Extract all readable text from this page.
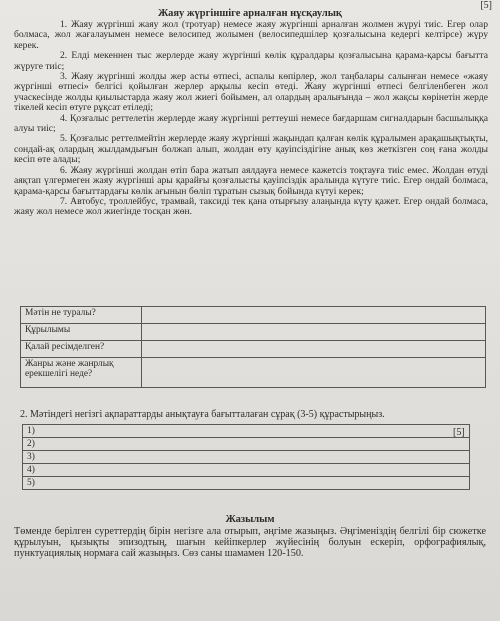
[5]
Жаяу жүргіншіге арналған нұсқаулық

1. Жаяу жүргінші жаяу жол (тротуар) немесе жаяу жүргінші арналған жолмен жүруі тиіс. Егер олар болмаса, жол жағалауымен немесе велосипед жолымен (велосипедшілер қозғалысына кедергі келтірсе) жүру керек.

2. Елді мекеннен тыс жерлерде жаяу жүргінші көлік құралдары қозғалысына қарама-қарсы бағытта жүруге тиіс;

3. Жаяу жүргінші жолды жер асты өтпесі, аспалы көпірлер, жол таңбалары салынған немесе «жаяу жүргінші өтпесі» белгісі қойылған жерлер арқылы кесіп өтеді. Жаяу жүргінші өтпесі белгіленбеген жол учаскесінде жолды қиылыстарда жаяу жол жиегі бойымен, ал олардың аралығында – жол жақсы көрінетін жерде тікелей кесіп өтуге рұқсат етіледі;

4. Қозғалыс реттелетін жерлерде жаяу жүргінші реттеуші немесе бағдаршам сигналдарын басшылыққа алуы тиіс;

5. Қозғалыс реттелмейтін жерлерде жаяу жүргінші жақындап қалған көлік құралымен арақашықтықты, сондай-ақ олардың жылдамдығын болжап алып, жолдан өту қауіпсіздігіне анық көз жеткізген соң ғана жолды кесіп өте алады;

6. Жаяу жүргінші жолдан өтіп бара жатып аялдауға немесе кажетсіз тоқтауға тиіс емес. Жолдан өтуді аяқтап үлгермеген жаяу жүргінші ары қарайғы қозғалысты қауіпсіздік аралында күтуге тиіс. Егер ондай болмаса, қарама-қарсы бағыттардағы көлік ағынын бөліп тұратын сызық бойында күтуі керек;

7. Автобус, троллейбус, трамвай, таксиді тек қана отырғызу алаңында күту қажет. Егер ондай болмаса, жаяу жол немесе жол жиегінде тосқан жөн.

Мәтін не туралы?	
Құрылымы	
Қалай ресімделген?	
Жанры және жанрлық ерекшелігі неде?	
2. Мәтіндегі негізгі ақпараттарды анықтауға бағытталаған сұрақ (3-5) құрастырыңыз.
1)
2)
3)
4)
5)
[5]
Жазылым
Төменде берілген суреттердің бірін негізге ала отырып, әңгіме жазыңыз. Әңгіменіздің белгілі бір сюжетке құрылуын, қызықты эпизодтың, шағын кейіпкерлер жүйесінің болуын ескеріп, орфографиялық, пунктуациялық нормаға сай жазыңыз. Сөз саны шамамен 120-150.
